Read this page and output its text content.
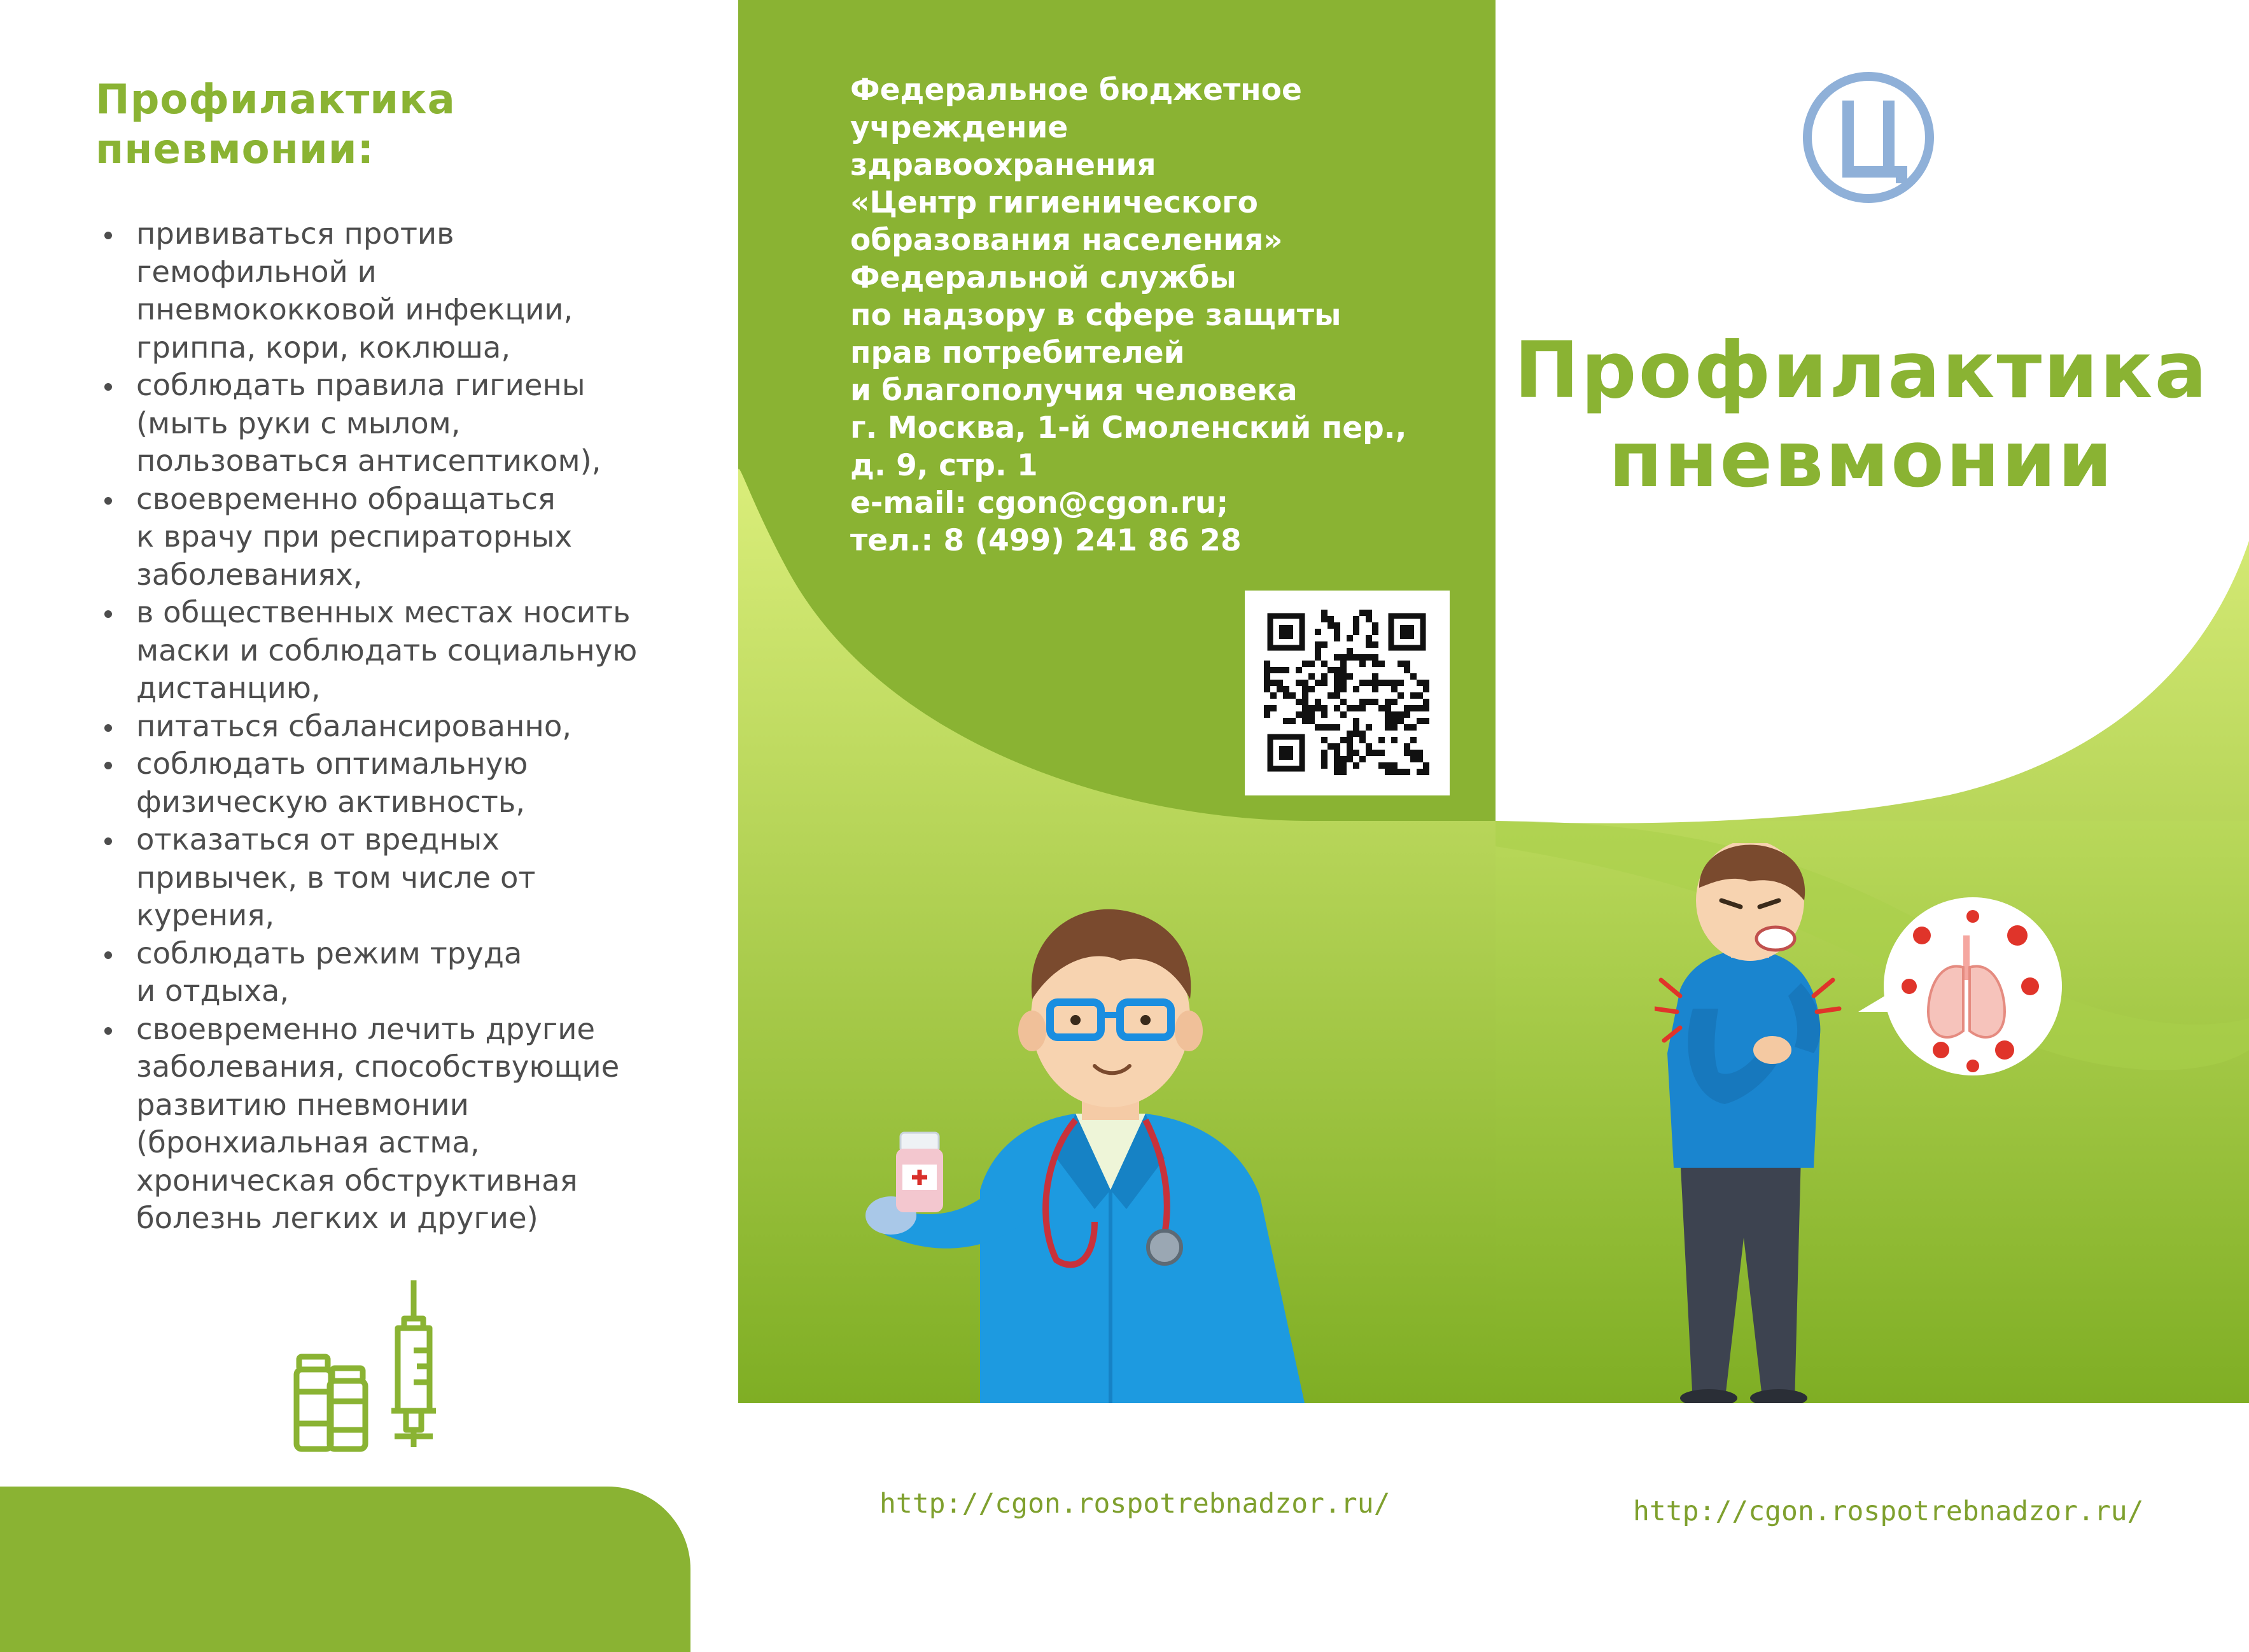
Профилактика
пневмонии:
прививаться против
гемофильной и
пневмококковой инфекции,
гриппа, кори, коклюша,
соблюдать правила гигиены
(мыть руки с мылом,
пользоваться антисептиком),
своевременно обращаться
к врачу при респираторных
заболеваниях,
в общественных местах носить
маски и соблюдать социальную
дистанцию,
питаться сбалансированно,
соблюдать оптимальную
физическую активность,
отказаться от вредных
привычек, в том числе от
курения,
соблюдать режим труда
и отдыха,
своевременно лечить другие
заболевания, способствующие
развитию пневмонии
(бронхиальная астма,
хроническая обструктивная
болезнь легких и другие)
Федеральное бюджетное
учреждение
здравоохранения
«Центр гигиенического
образования населения»
Федеральной службы
по надзору в сфере защиты
прав потребителей
и благополучия человека
г. Москва, 1-й Смоленский пер.,
д. 9, стр. 1
e-mail: cgon@cgon.ru;
тел.: 8 (499) 241 86 28
Профилактика
пневмонии
http://cgon.rospotrebnadzor.ru/	http://cgon.rospotrebnadzor.ru/
